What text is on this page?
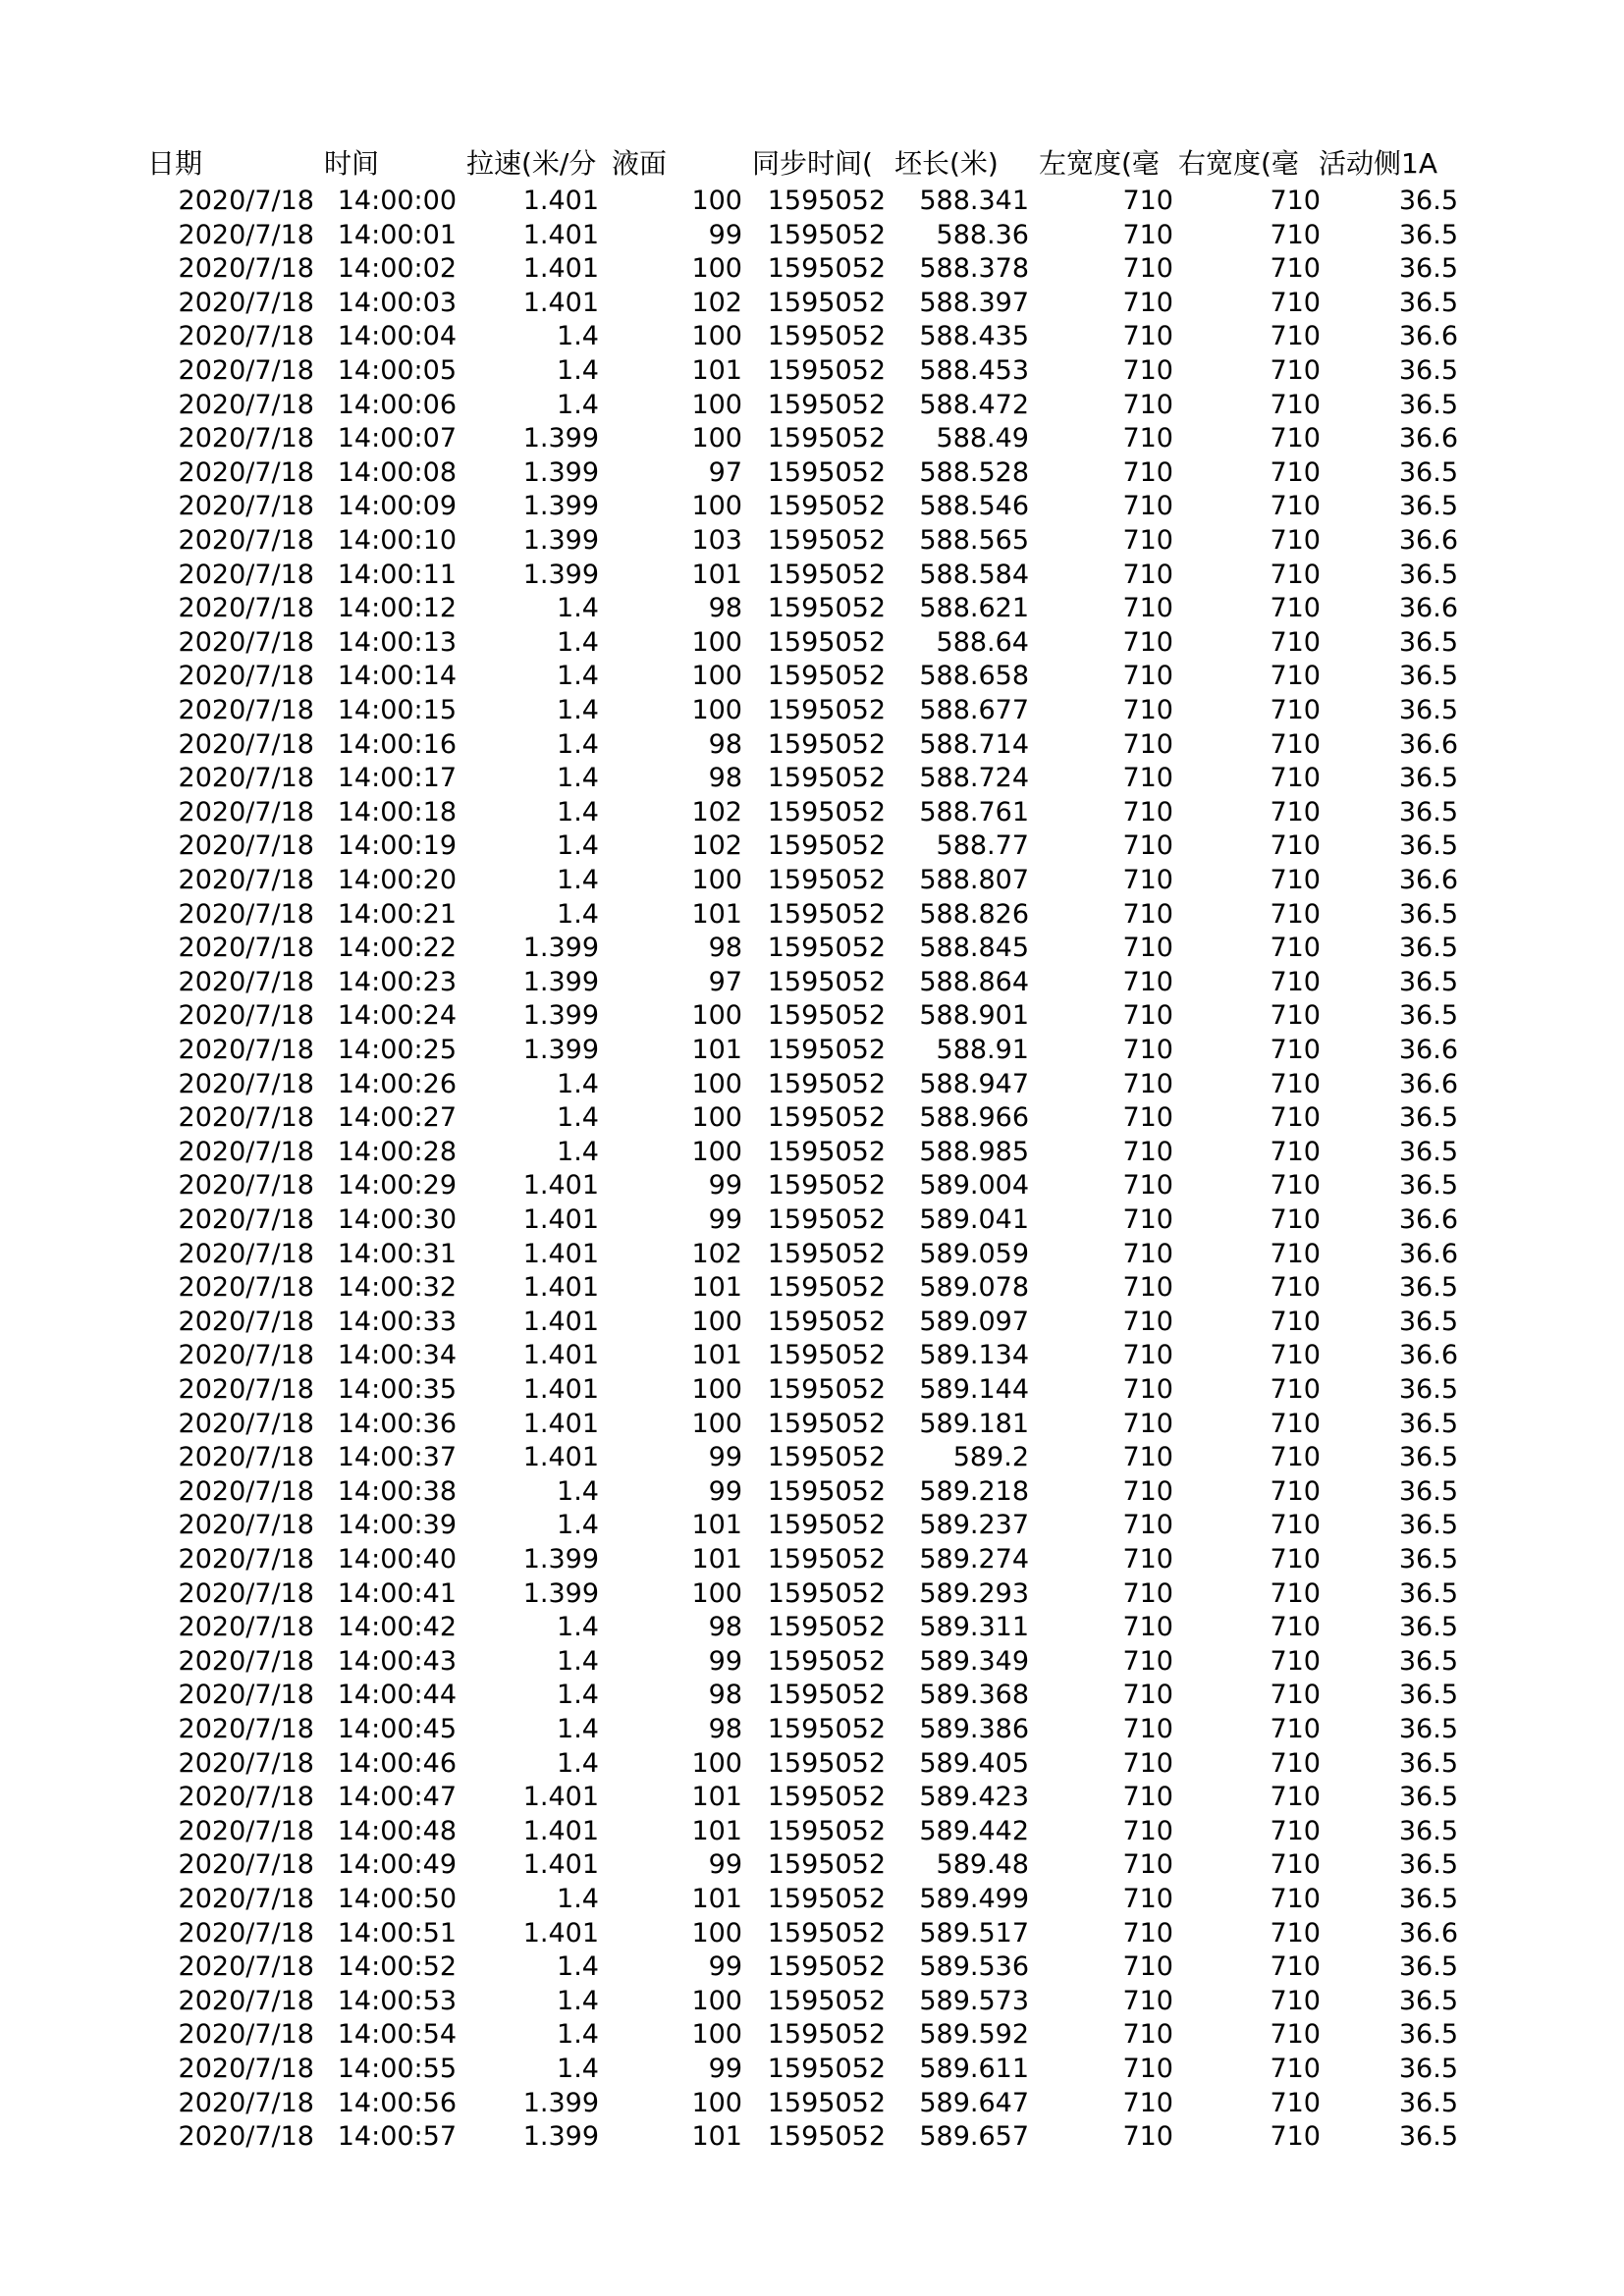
日期	时间	拉速(米/分 液面	同步时间( 坯长(米)	左宽度(毫 右宽度(毫 活动侧1A
2020/7/18 14:00:00	1.401	100 1595052	588.341	710	710	36.5
2020/7/18 14:00:01	1.401	99 1595052	588.36	710	710	36.5
2020/7/18 14:00:02	1.401	100 1595052	588.378	710	710	36.5
2020/7/18 14:00:03	1.401	102 1595052	588.397	710	710	36.5
2020/7/18 14:00:04	1.4	100 1595052	588.435	710	710	36.6
2020/7/18 14:00:05	1.4	101 1595052	588.453	710	710	36.5
2020/7/18 14:00:06	1.4	100 1595052	588.472	710	710	36.5
2020/7/18 14:00:07	1.399	100 1595052	588.49	710	710	36.6
2020/7/18 14:00:08	1.399	97 1595052	588.528	710	710	36.5
2020/7/18 14:00:09	1.399	100 1595052	588.546	710	710	36.5
2020/7/18 14:00:10	1.399	103 1595052	588.565	710	710	36.6
2020/7/18 14:00:11	1.399	101 1595052	588.584	710	710	36.5
2020/7/18 14:00:12	1.4	98 1595052	588.621	710	710	36.6
2020/7/18 14:00:13	1.4	100 1595052	588.64	710	710	36.5
2020/7/18 14:00:14	1.4	100 1595052	588.658	710	710	36.5
2020/7/18 14:00:15	1.4	100 1595052	588.677	710	710	36.5
2020/7/18 14:00:16	1.4	98 1595052	588.714	710	710	36.6
2020/7/18 14:00:17	1.4	98 1595052	588.724	710	710	36.5
2020/7/18 14:00:18	1.4	102 1595052	588.761	710	710	36.5
2020/7/18 14:00:19	1.4	102 1595052	588.77	710	710	36.5
2020/7/18 14:00:20	1.4	100 1595052	588.807	710	710	36.6
2020/7/18 14:00:21	1.4	101 1595052	588.826	710	710	36.5
2020/7/18 14:00:22	1.399	98 1595052	588.845	710	710	36.5
2020/7/18 14:00:23	1.399	97 1595052	588.864	710	710	36.5
2020/7/18 14:00:24	1.399	100 1595052	588.901	710	710	36.5
2020/7/18 14:00:25	1.399	101 1595052	588.91	710	710	36.6
2020/7/18 14:00:26	1.4	100 1595052	588.947	710	710	36.6
2020/7/18 14:00:27	1.4	100 1595052	588.966	710	710	36.5
2020/7/18 14:00:28	1.4	100 1595052	588.985	710	710	36.5
2020/7/18 14:00:29	1.401	99 1595052	589.004	710	710	36.5
2020/7/18 14:00:30	1.401	99 1595052	589.041	710	710	36.6
2020/7/18 14:00:31	1.401	102 1595052	589.059	710	710	36.6
2020/7/18 14:00:32	1.401	101 1595052	589.078	710	710	36.5
2020/7/18 14:00:33	1.401	100 1595052	589.097	710	710	36.5
2020/7/18 14:00:34	1.401	101 1595052	589.134	710	710	36.6
2020/7/18 14:00:35	1.401	100 1595052	589.144	710	710	36.5
2020/7/18 14:00:36	1.401	100 1595052	589.181	710	710	36.5
2020/7/18 14:00:37	1.401	99 1595052	589.2	710	710	36.5
2020/7/18 14:00:38	1.4	99 1595052	589.218	710	710	36.5
2020/7/18 14:00:39	1.4	101 1595052	589.237	710	710	36.5
2020/7/18 14:00:40	1.399	101 1595052	589.274	710	710	36.5
2020/7/18 14:00:41	1.399	100 1595052	589.293	710	710	36.5
2020/7/18 14:00:42	1.4	98 1595052	589.311	710	710	36.5
2020/7/18 14:00:43	1.4	99 1595052	589.349	710	710	36.5
2020/7/18 14:00:44	1.4	98 1595052	589.368	710	710	36.5
2020/7/18 14:00:45	1.4	98 1595052	589.386	710	710	36.5
2020/7/18 14:00:46	1.4	100 1595052	589.405	710	710	36.5
2020/7/18 14:00:47	1.401	101 1595052	589.423	710	710	36.5
2020/7/18 14:00:48	1.401	101 1595052	589.442	710	710	36.5
2020/7/18 14:00:49	1.401	99 1595052	589.48	710	710	36.5
2020/7/18 14:00:50	1.4	101 1595052	589.499	710	710	36.5
2020/7/18 14:00:51	1.401	100 1595052	589.517	710	710	36.6
2020/7/18 14:00:52	1.4	99 1595052	589.536	710	710	36.5
2020/7/18 14:00:53	1.4	100 1595052	589.573	710	710	36.5
2020/7/18 14:00:54	1.4	100 1595052	589.592	710	710	36.5
2020/7/18 14:00:55	1.4	99 1595052	589.611	710	710	36.5
2020/7/18 14:00:56	1.399	100 1595052	589.647	710	710	36.5
2020/7/18 14:00:57	1.399	101 1595052	589.657	710	710	36.5
